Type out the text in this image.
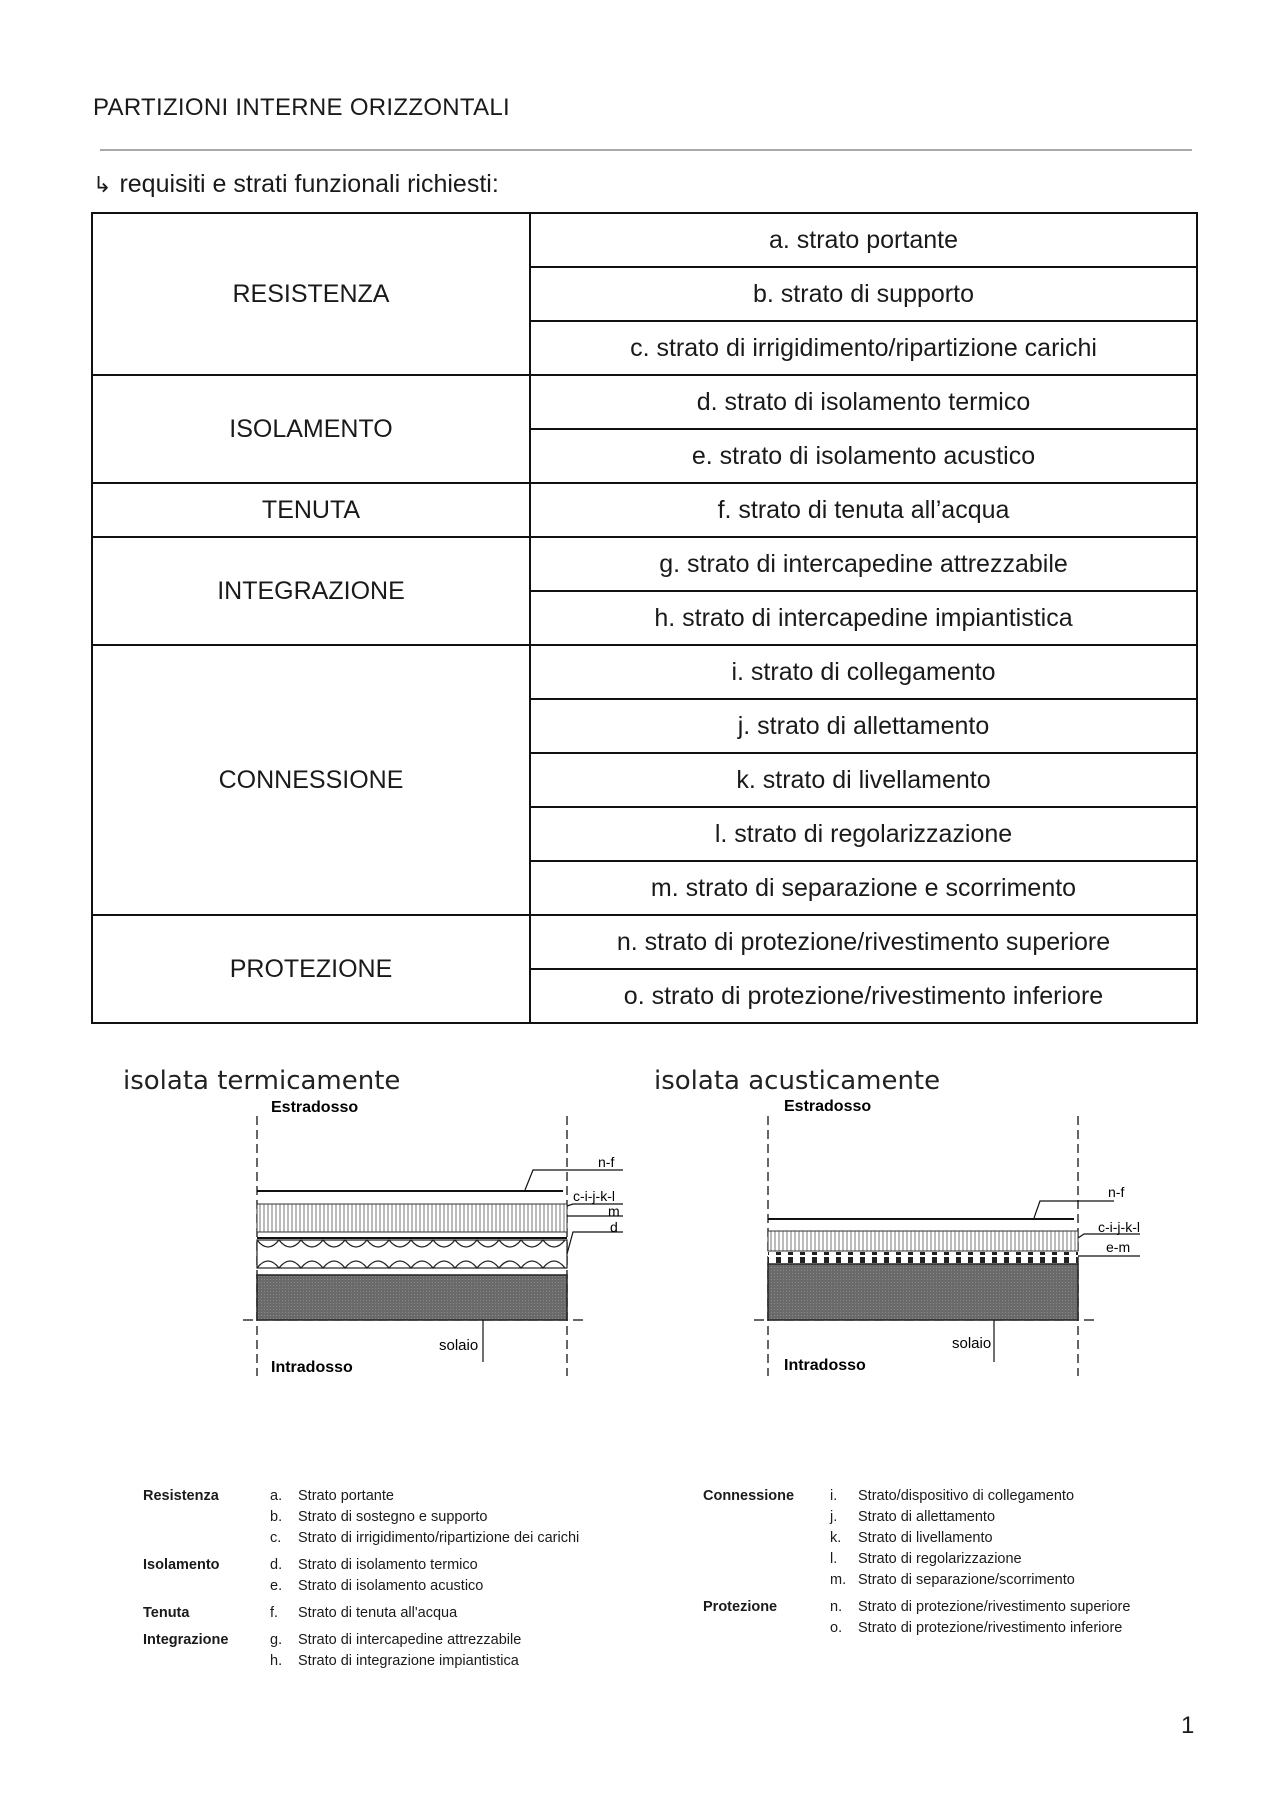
PARTIZIONI INTERNE ORIZZONTALI
↳ requisiti e strati funzionali richiesti:
RESISTENZA	a. strato portante
	b. strato di supporto
	c. strato di irrigidimento/ripartizione carichi
ISOLAMENTO	d. strato di isolamento termico
	e. strato di isolamento acustico
TENUTA	f. strato di tenuta all’acqua
INTEGRAZIONE	g. strato di intercapedine attrezzabile
	h. strato di intercapedine impiantistica
CONNESSIONE	i. strato di collegamento
	j. strato di allettamento
	k. strato di livellamento
	l. strato di regolarizzazione
	m. strato di separazione e scorrimento
PROTEZIONE	n. strato di protezione/rivestimento superiore
	o. strato di protezione/rivestimento inferiore
isolata termicamente
Estradosso
n-f
c-i-j-k-l
m
d
solaio
Intradosso
isolata acusticamente
Estradosso
n-f
c-i-j-k-l
e-m
solaio
Intradosso
Resistenza	a. Strato portante
b. Strato di sostegno e supporto
c. Strato di irrigidimento/ripartizione dei carichi
Isolamento	d. Strato di isolamento termico
e. Strato di isolamento acustico
Tenuta	f. Strato di tenuta all'acqua
Integrazione	g. Strato di intercapedine attrezzabile
h. Strato di integrazione impiantistica
Connessione i. Strato/dispositivo di collegamento
j. Strato di allettamento
k. Strato di livellamento
l. Strato di regolarizzazione
m. Strato di separazione/scorrimento
Protezione	n. Strato di protezione/rivestimento superiore
o. Strato di protezione/rivestimento inferiore
1
